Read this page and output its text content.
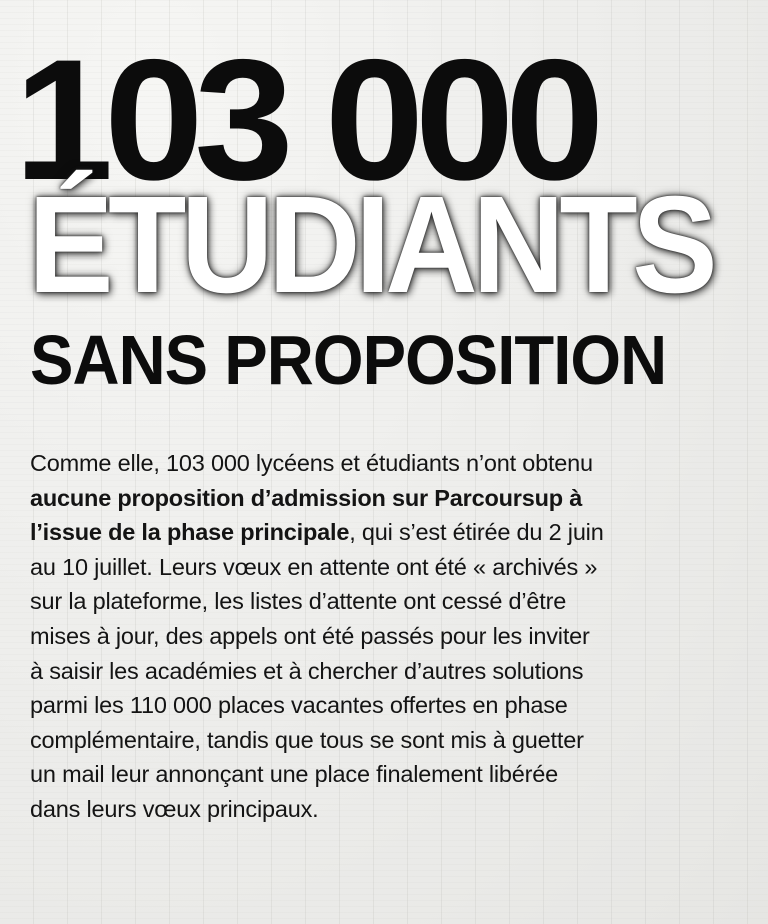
103 000
ÉTUDIANTS
SANS PROPOSITION
Comme elle, 103 000 lycéens et étudiants n’ont obtenu
aucune proposition d’admission sur Parcoursup à
l’issue de la phase principale, qui s’est étirée du 2 juin
au 10 juillet. Leurs vœux en attente ont été « archivés »
sur la plateforme, les listes d’attente ont cessé d’être
mises à jour, des appels ont été passés pour les inviter
à saisir les académies et à chercher d’autres solutions
parmi les 110 000 places vacantes offertes en phase
complémentaire, tandis que tous se sont mis à guetter
un mail leur annonçant une place finalement libérée
dans leurs vœux principaux.
